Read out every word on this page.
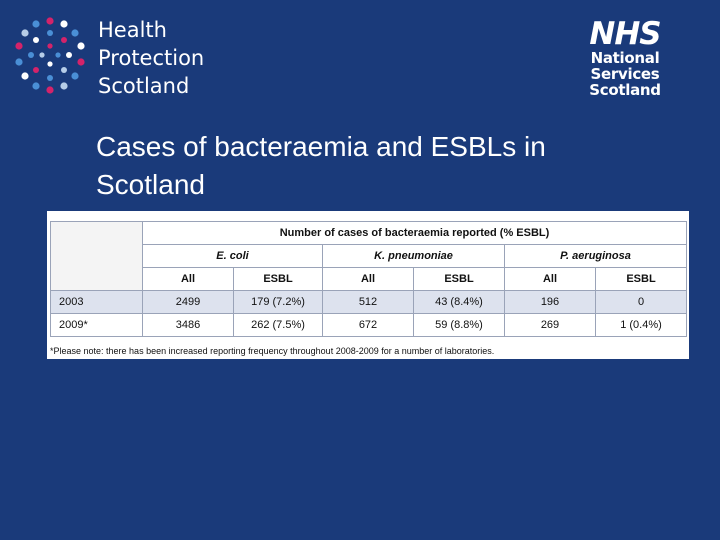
Health
Protection
Scotland
NHS
National
Services
Scotland
Cases of bacteraemia and ESBLs in Scotland
	Number of cases of bacteraemia reported (% ESBL)					
	E. coli		K. pneumoniae		P. aeruginosa	
	All	ESBL	All	ESBL	All	ESBL
2003	2499	179 (7.2%)	512	43 (8.4%)	196	0
2009*	3486	262 (7.5%)	672	59 (8.8%)	269	1 (0.4%)
*Please note: there has been increased reporting frequency throughout 2008-2009 for a number of laboratories.
